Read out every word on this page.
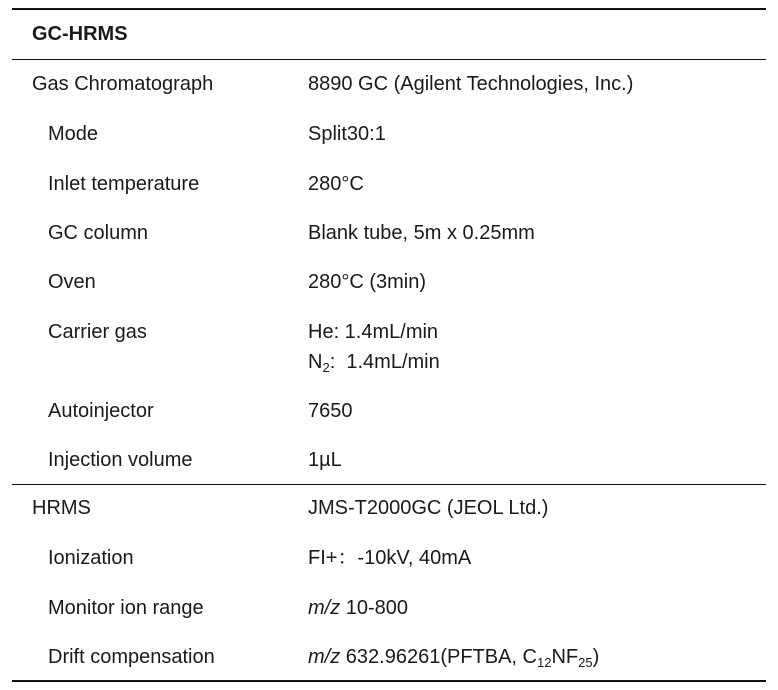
GC-HRMS
Gas Chromatograph	8890 GC (Agilent Technologies, Inc.)
Mode	Split30:1
Inlet temperature	280°C
GC column	Blank tube, 5m x 0.25mm
Oven	280°C (3min)
Carrier gas	He: 1.4mL/min
$N_2$:  1.4mL/min
Autoinjector	7650
Injection volume	1µL
HRMS	JMS-T2000GC (JEOL Ltd.)
Ionization	FI+：-10kV, 40mA
Monitor ion range	m/z 10-800
Drift compensation	m/z 632.96261(PFTBA, $C_{12}NF_{25}$)
